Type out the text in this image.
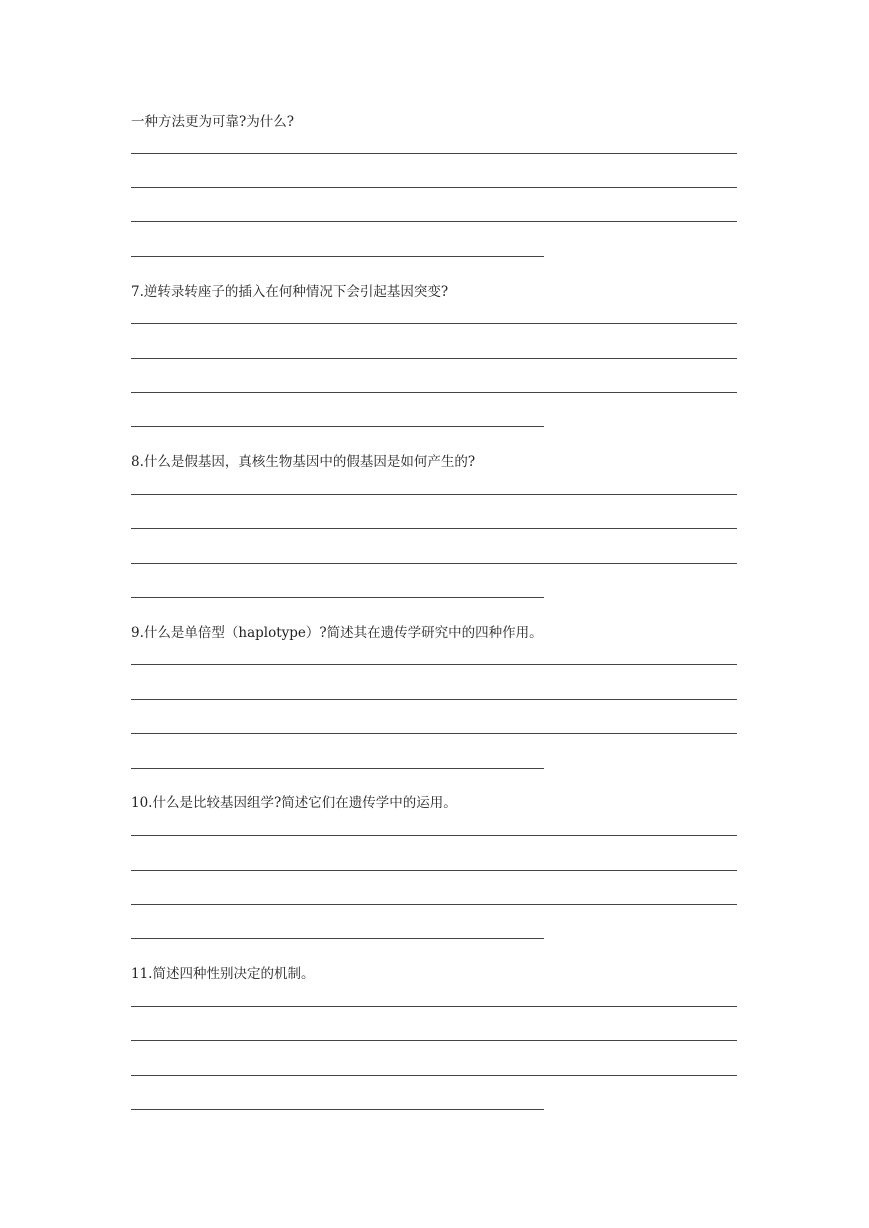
一种方法更为可靠?为什么?
7.逆转录转座子的插入在何种情况下会引起基因突变?
8.什么是假基因，真核生物基因中的假基因是如何产生的?
9.什么是单倍型（haplotype）?简述其在遗传学研究中的四种作用。
10.什么是比较基因组学?简述它们在遗传学中的运用。
11.简述四种性别决定的机制。
